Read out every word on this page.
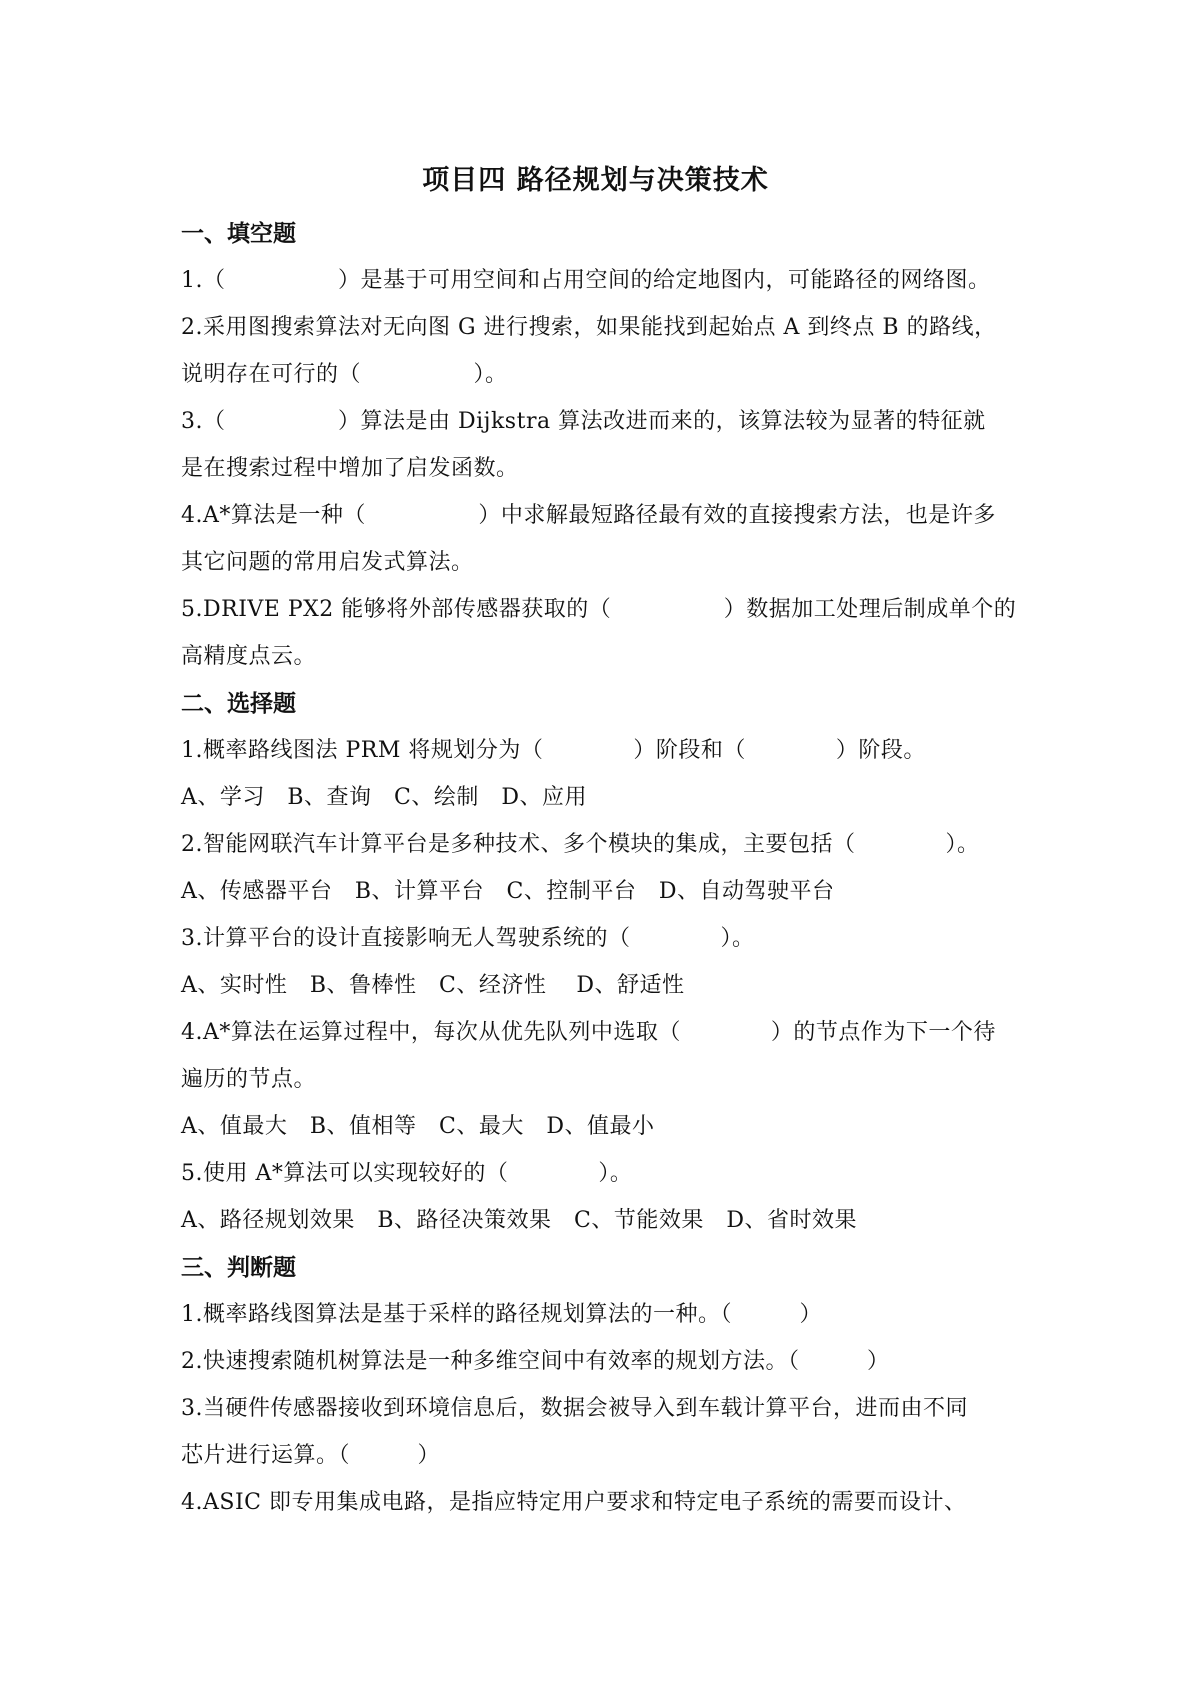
项目四 路径规划与决策技术
一、填空题
1.（　　　　　）是基于可用空间和占用空间的给定地图内，可能路径的网络图。
2.采用图搜索算法对无向图 G 进行搜索，如果能找到起始点 A 到终点 B 的路线，
说明存在可行的（　　　　　）。
3.（　　　　　）算法是由 Dijkstra 算法改进而来的，该算法较为显著的特征就
是在搜索过程中增加了启发函数。
4.A*算法是一种（　　　　　）中求解最短路径最有效的直接搜索方法，也是许多
其它问题的常用启发式算法。
5.DRIVE PX2 能够将外部传感器获取的（　　　　　）数据加工处理后制成单个的
高精度点云。
二、选择题
1.概率路线图法 PRM 将规划分为（　　　　）阶段和（　　　　）阶段。
A、学习　B、查询　C、绘制　D、应用
2.智能网联汽车计算平台是多种技术、多个模块的集成，主要包括（　　　　）。
A、传感器平台　B、计算平台　C、控制平台　D、自动驾驶平台
3.计算平台的设计直接影响无人驾驶系统的（　　　　）。
A、实时性　B、鲁棒性　C、经济性　 D、舒适性
4.A*算法在运算过程中，每次从优先队列中选取（　　　　）的节点作为下一个待
遍历的节点。
A、值最大　B、值相等　C、最大　D、值最小
5.使用 A*算法可以实现较好的（　　　　）。
A、路径规划效果　B、路径决策效果　C、节能效果　D、省时效果
三、判断题
1.概率路线图算法是基于采样的路径规划算法的一种。（　　　）
2.快速搜索随机树算法是一种多维空间中有效率的规划方法。（　　　）
3.当硬件传感器接收到环境信息后，数据会被导入到车载计算平台，进而由不同
芯片进行运算。（　　　）
4.ASIC 即专用集成电路，是指应特定用户要求和特定电子系统的需要而设计、
